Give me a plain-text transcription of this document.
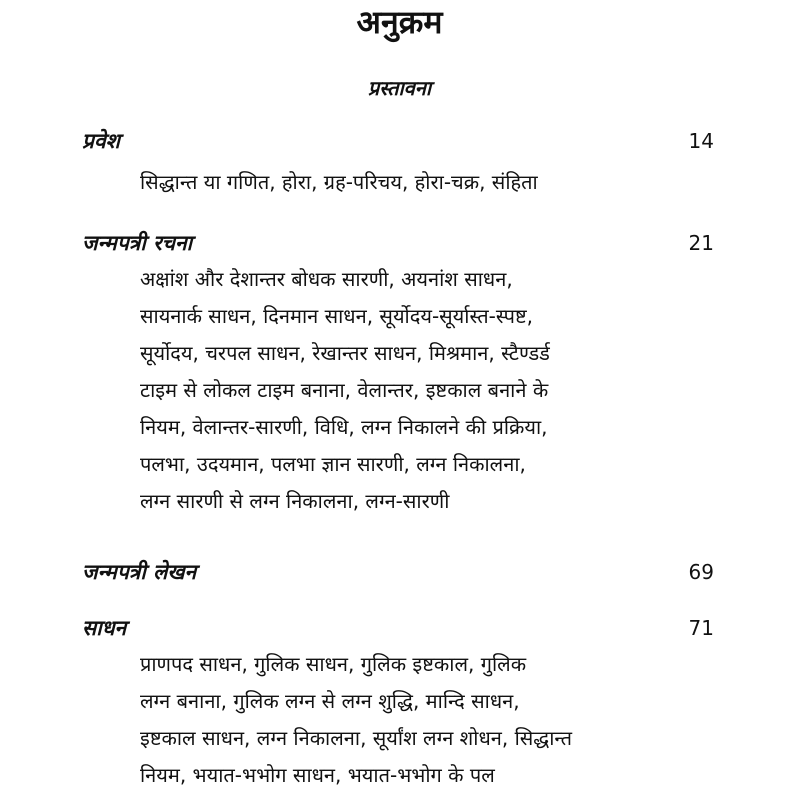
अनुक्रम
प्रस्तावना
प्रवेश	14
सिद्धान्त या गणित, होरा, ग्रह-परिचय, होरा-चक्र, संहिता
जन्मपत्री रचना	21
अक्षांश और देशान्तर बोधक सारणी, अयनांश साधन,
सायनार्क साधन, दिनमान साधन, सूर्योदय-सूर्यास्त-स्पष्ट,
सूर्योदय, चरपल साधन, रेखान्तर साधन, मिश्रमान, स्टैण्डर्ड
टाइम से लोकल टाइम बनाना, वेलान्तर, इष्टकाल बनाने के
नियम, वेलान्तर-सारणी, विधि, लग्न निकालने की प्रक्रिया,
पलभा, उदयमान, पलभा ज्ञान सारणी, लग्न निकालना,
लग्न सारणी से लग्न निकालना, लग्न-सारणी
जन्मपत्री लेखन	69
साधन	71
प्राणपद साधन, गुलिक साधन, गुलिक इष्टकाल, गुलिक
लग्न बनाना, गुलिक लग्न से लग्न शुद्धि, मान्दि साधन,
इष्टकाल साधन, लग्न निकालना, सूर्यांश लग्न शोधन, सिद्धान्त
नियम, भयात-भभोग साधन, भयात-भभोग के पल
